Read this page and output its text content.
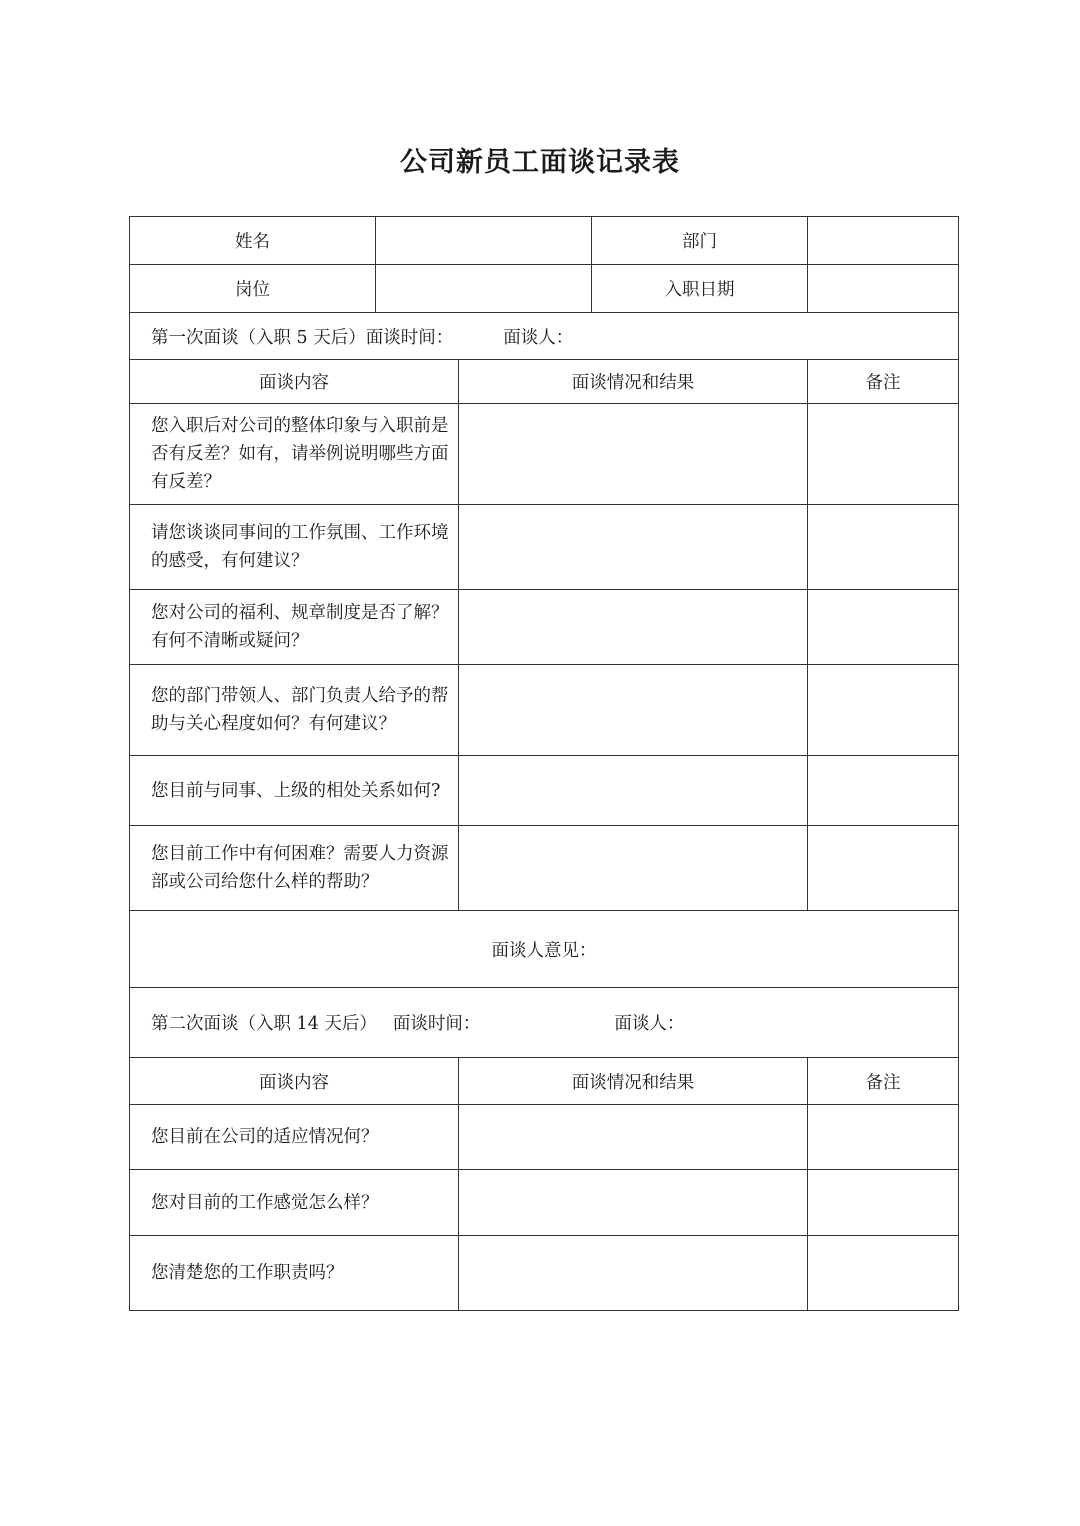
公司新员工面谈记录表
姓名			部门	
岗位			入职日期	
第一次面谈（入职 5 天后）面谈时间： 面谈人：				
面谈内容		面谈情况和结果		备注
您入职后对公司的整体印象与入职前是否有反差？如有，请举例说明哪些方面有反差？				
请您谈谈同事间的工作氛围、工作环境的感受，有何建议？				
您对公司的福利、规章制度是否了解？有何不清晰或疑问？				
您的部门带领人、部门负责人给予的帮助与关心程度如何？有何建议？				
您目前与同事、上级的相处关系如何?				
您目前工作中有何困难？需要人力资源部或公司给您什么样的帮助？				
面谈人意见：				
第二次面谈（入职 14 天后） 面谈时间： 面谈人：				
面谈内容		面谈情况和结果		备注
您目前在公司的适应情况何？				
您对目前的工作感觉怎么样？				
您清楚您的工作职责吗？				
